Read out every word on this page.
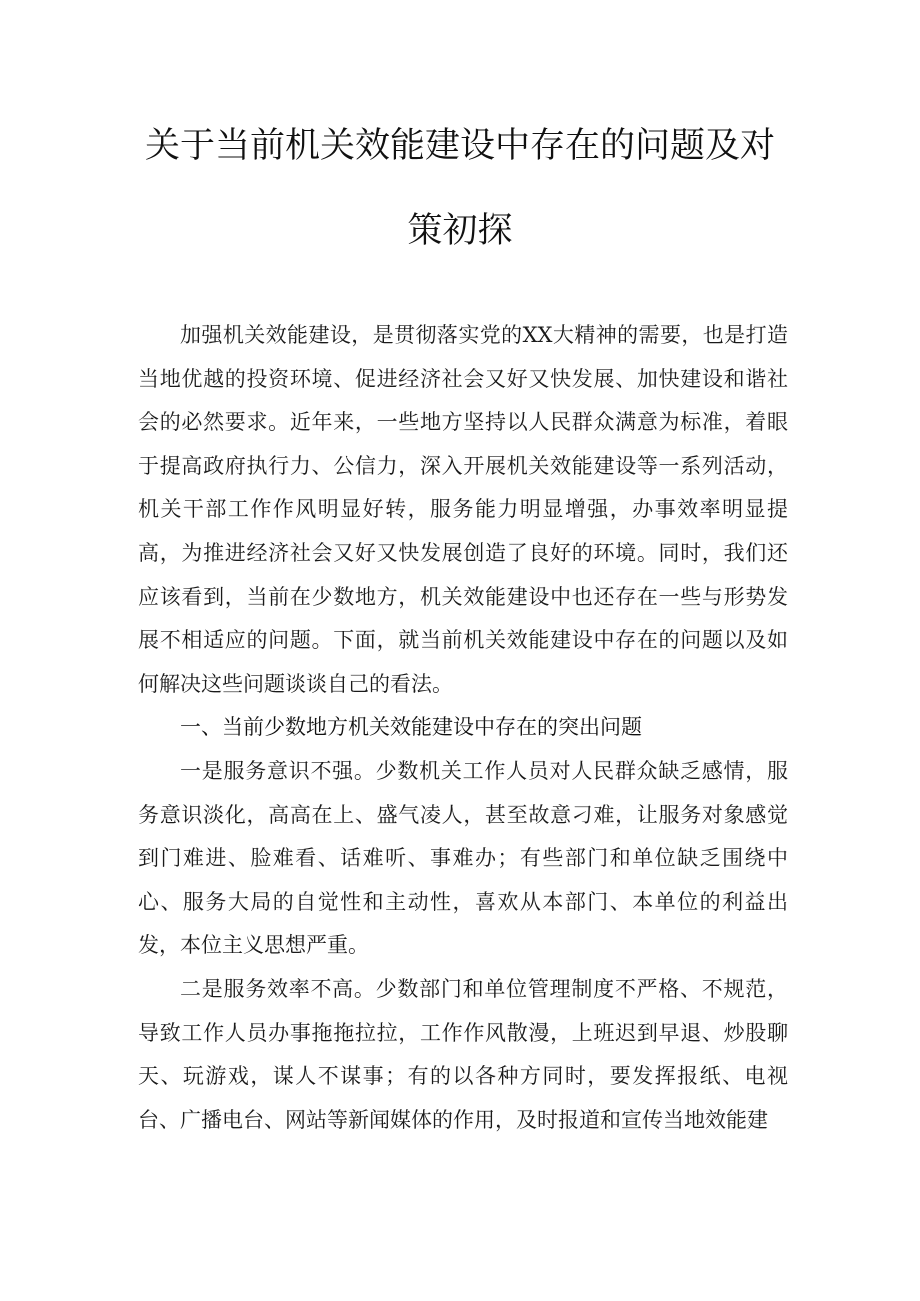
关于当前机关效能建设中存在的问题及对
策初探

加强机关效能建设，是贯彻落实党的XX大精神的需要，也是打造当地优越的投资环境、促进经济社会又好又快发展、加快建设和谐社会的必然要求。近年来，一些地方坚持以人民群众满意为标准，着眼于提高政府执行力、公信力，深入开展机关效能建设等一系列活动，机关干部工作作风明显好转，服务能力明显增强，办事效率明显提高，为推进经济社会又好又快发展创造了良好的环境。同时，我们还应该看到，当前在少数地方，机关效能建设中也还存在一些与形势发展不相适应的问题。下面，就当前机关效能建设中存在的问题以及如何解决这些问题谈谈自己的看法。

一、当前少数地方机关效能建设中存在的突出问题

一是服务意识不强。少数机关工作人员对人民群众缺乏感情，服务意识淡化，高高在上、盛气凌人，甚至故意刁难，让服务对象感觉到门难进、脸难看、话难听、事难办；有些部门和单位缺乏围绕中心、服务大局的自觉性和主动性，喜欢从本部门、本单位的利益出发，本位主义思想严重。

二是服务效率不高。少数部门和单位管理制度不严格、不规范，导致工作人员办事拖拖拉拉，工作作风散漫，上班迟到早退、炒股聊天、玩游戏，谋人不谋事；有的以各种方同时，要发挥报纸、电视台、广播电台、网站等新闻媒体的作用，及时报道和宣传当地效能建
